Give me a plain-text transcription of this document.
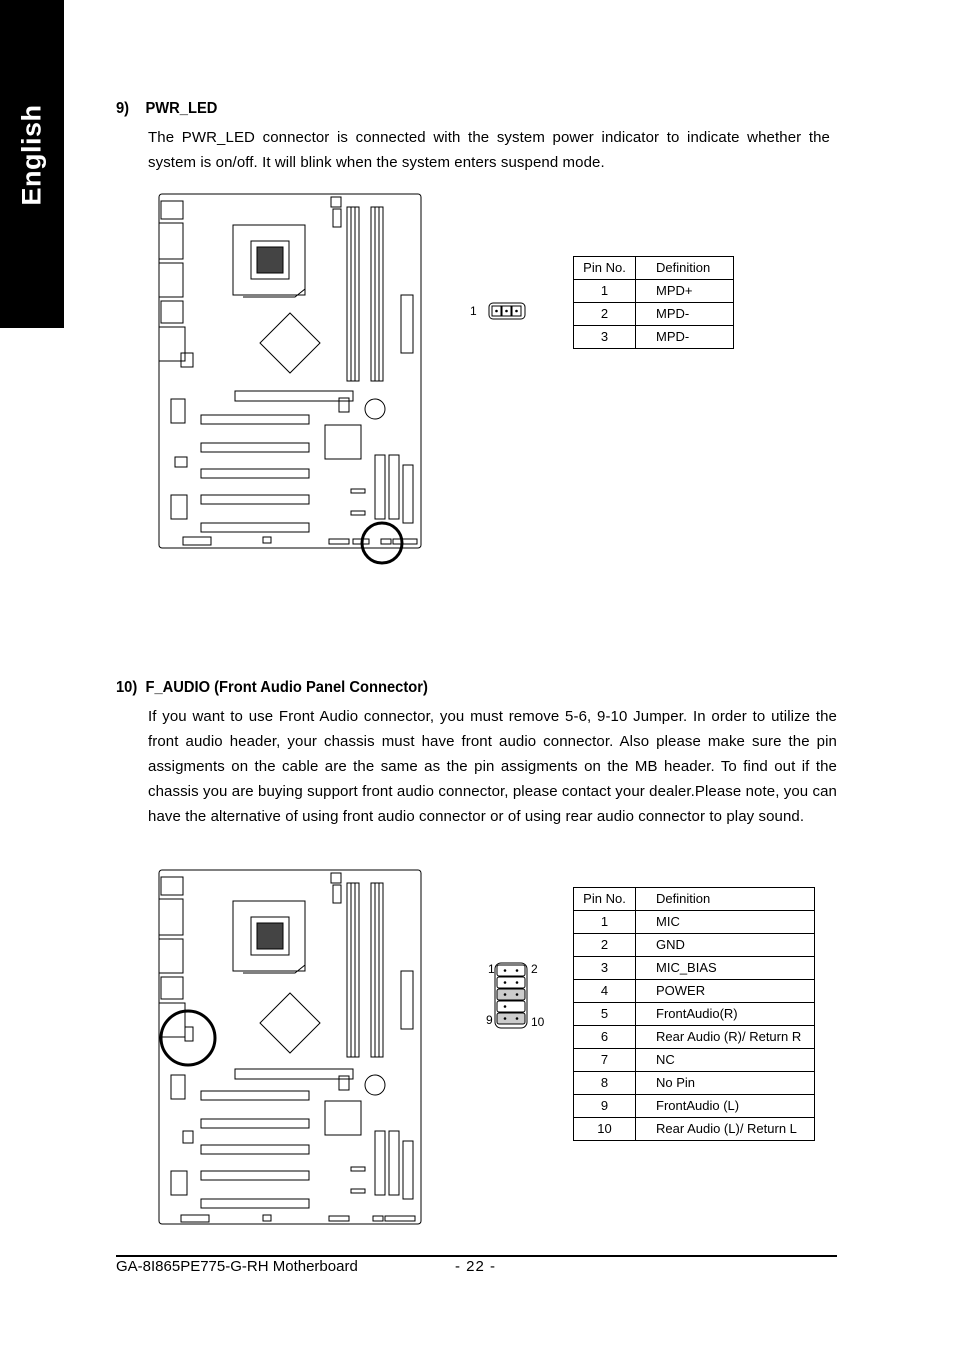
English	9)    PWR_LED
The PWR_LED connector is connected with the system power indicator to indicate whether the system is on/off. It will blink when the system enters suspend mode.
1
Pin No.	Definition
1	MPD+
2	MPD-
3	MPD-
10)  F_AUDIO (Front Audio Panel Connector)
If you want to use Front Audio connector, you must remove 5-6, 9-10 Jumper. In order to utilize the front audio header, your chassis must have front audio connector. Also please make sure the pin assigments on the cable are the same as the pin assigments on the MB header. To find out if the chassis you are buying support front audio connector, please contact your dealer.Please note, you can have the alternative of using front audio connector or of using rear audio connector to play sound.
1	2
9	10
Pin No.	Definition
1	MIC
2	GND
3	MIC_BIAS
4	POWER
5	FrontAudio(R)
6	Rear Audio (R)/ Return R
7	NC
8	No Pin
9	FrontAudio (L)
10	Rear Audio (L)/ Return L
GA-8I865PE775-G-RH Motherboard	- 22 -
